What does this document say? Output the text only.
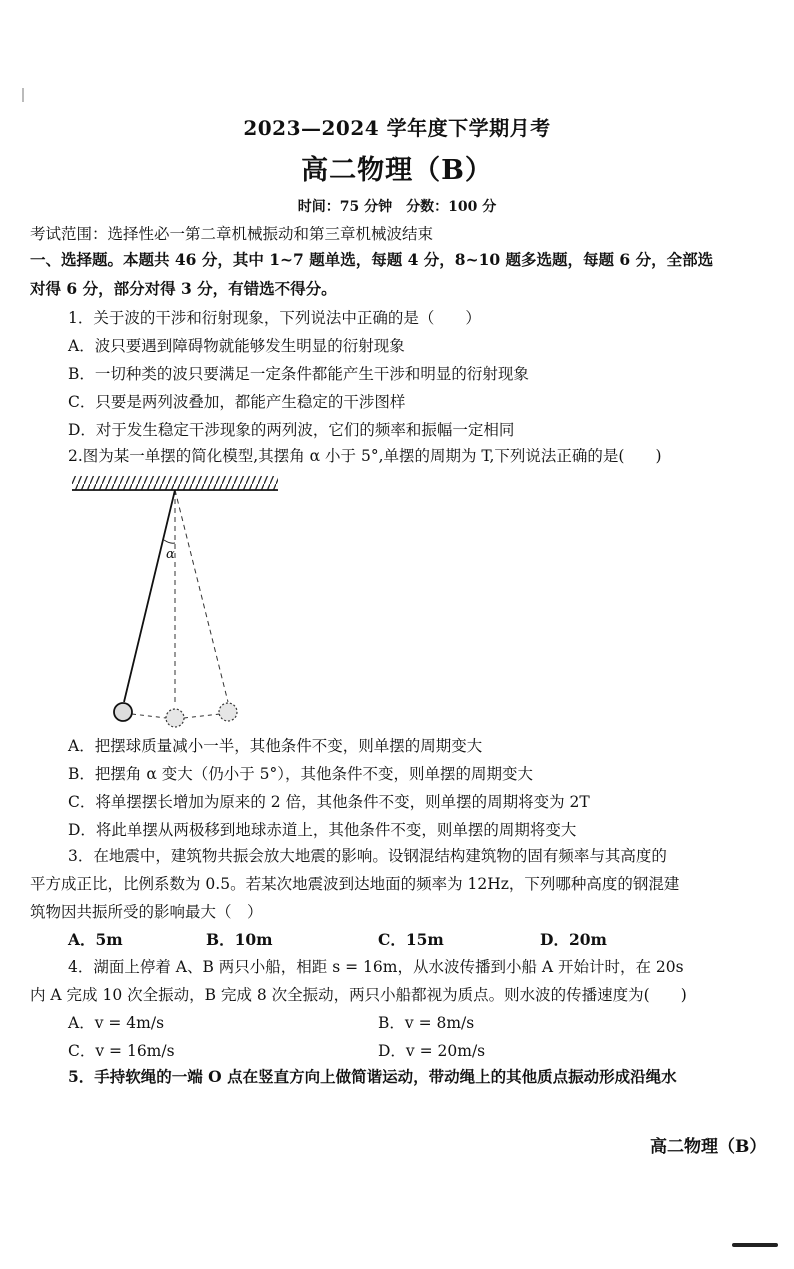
2023—2024 学年度下学期月考
高二物理（B）
时间：75 分钟　分数：100 分
考试范围：选择性必一第二章机械振动和第三章机械波结束
一、选择题。本题共 46 分，其中 1~7 题单选，每题 4 分，8~10 题多选题，每题 6 分，全部选
对得 6 分，部分对得 3 分，有错选不得分。
1．关于波的干涉和衍射现象，下列说法中正确的是（　　）
A．波只要遇到障碍物就能够发生明显的衍射现象
B．一切种类的波只要满足一定条件都能产生干涉和明显的衍射现象
C．只要是两列波叠加，都能产生稳定的干涉图样
D．对于发生稳定干涉现象的两列波，它们的频率和振幅一定相同
2.图为某一单摆的简化模型,其摆角 α 小于 5°,单摆的周期为 T,下列说法正确的是(　　)
α
A．把摆球质量减小一半，其他条件不变，则单摆的周期变大
B．把摆角 α 变大（仍小于 5°），其他条件不变，则单摆的周期变大
C．将单摆摆长增加为原来的 2 倍，其他条件不变，则单摆的周期将变为 2T
D．将此单摆从两极移到地球赤道上，其他条件不变，则单摆的周期将变大
3．在地震中，建筑物共振会放大地震的影响。设钢混结构建筑物的固有频率与其高度的
平方成正比，比例系数为 0.5。若某次地震波到达地面的频率为 12Hz，下列哪种高度的钢混建
筑物因共振所受的影响最大（　）
A．5m	B．10m	C．15m	D．20m
4．湖面上停着 A、B 两只小船，相距 s = 16m，从水波传播到小船 A 开始计时，在 20s
内 A 完成 10 次全振动，B 完成 8 次全振动，两只小船都视为质点。则水波的传播速度为(　　)
A．v = 4m/s	B．v = 8m/s
C．v = 16m/s	D．v = 20m/s
5．手持软绳的一端 O 点在竖直方向上做简谐运动，带动绳上的其他质点振动形成沿绳水
高二物理（B）
